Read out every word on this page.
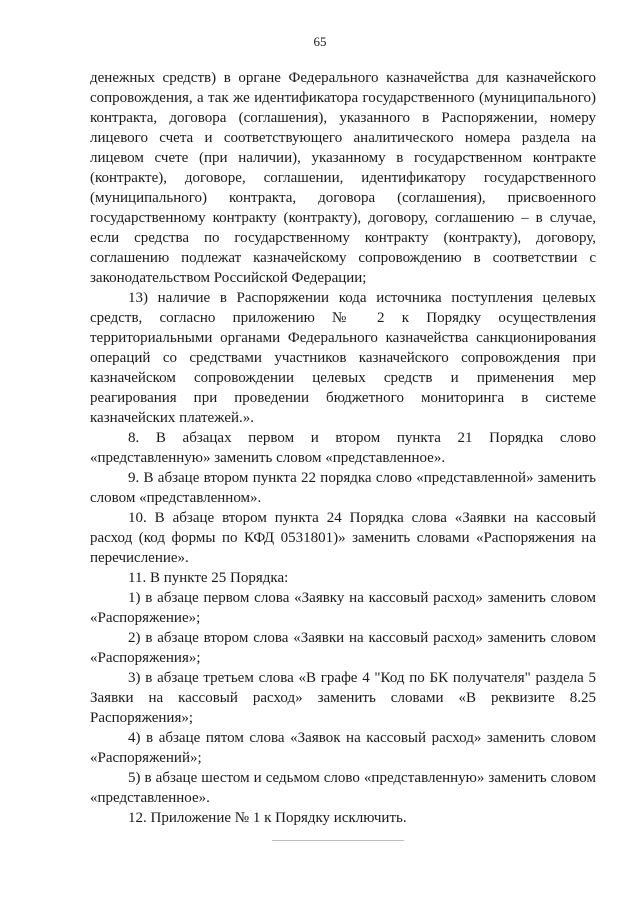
65

денежных средств) в органе Федерального казначейства для казначейского сопровождения, а так же идентификатора государственного (муниципального) контракта, договора (соглашения), указанного в Распоряжении, номеру лицевого счета и соответствующего аналитического номера раздела на лицевом счете (при наличии), указанному в государственном контракте (контракте), договоре, соглашении, идентификатору государственного (муниципального) контракта, договора (соглашения), присвоенного государственному контракту (контракту), договору, соглашению – в случае, если средства по государственному контракту (контракту), договору, соглашению подлежат казначейскому сопровождению в соответствии с законодательством Российской Федерации;

13) наличие в Распоряжении кода источника поступления целевых средств, согласно приложению № 2 к Порядку осуществления территориальными органами Федерального казначейства санкционирования операций со средствами участников казначейского сопровождения при казначейском сопровождении целевых средств и применения мер реагирования при проведении бюджетного мониторинга в системе казначейских платежей.».

8. В абзацах первом и втором пункта 21 Порядка слово «представленную» заменить словом «представленное».

9. В абзаце втором пункта 22 порядка слово «представленной» заменить словом «представленном».

10. В абзаце втором пункта 24 Порядка слова «Заявки на кассовый расход (код формы по КФД 0531801)» заменить словами «Распоряжения на перечисление».

11. В пункте 25 Порядка:

1) в абзаце первом слова «Заявку на кассовый расход» заменить словом «Распоряжение»;

2) в абзаце втором слова «Заявки на кассовый расход» заменить словом «Распоряжения»;

3) в абзаце третьем слова «В графе 4 "Код по БК получателя" раздела 5 Заявки на кассовый расход» заменить словами «В реквизите 8.25 Распоряжения»;

4) в абзаце пятом слова «Заявок на кассовый расход» заменить словом «Распоряжений»;

5) в абзаце шестом и седьмом слово «представленную» заменить словом «представленное».

12. Приложение № 1 к Порядку исключить.
